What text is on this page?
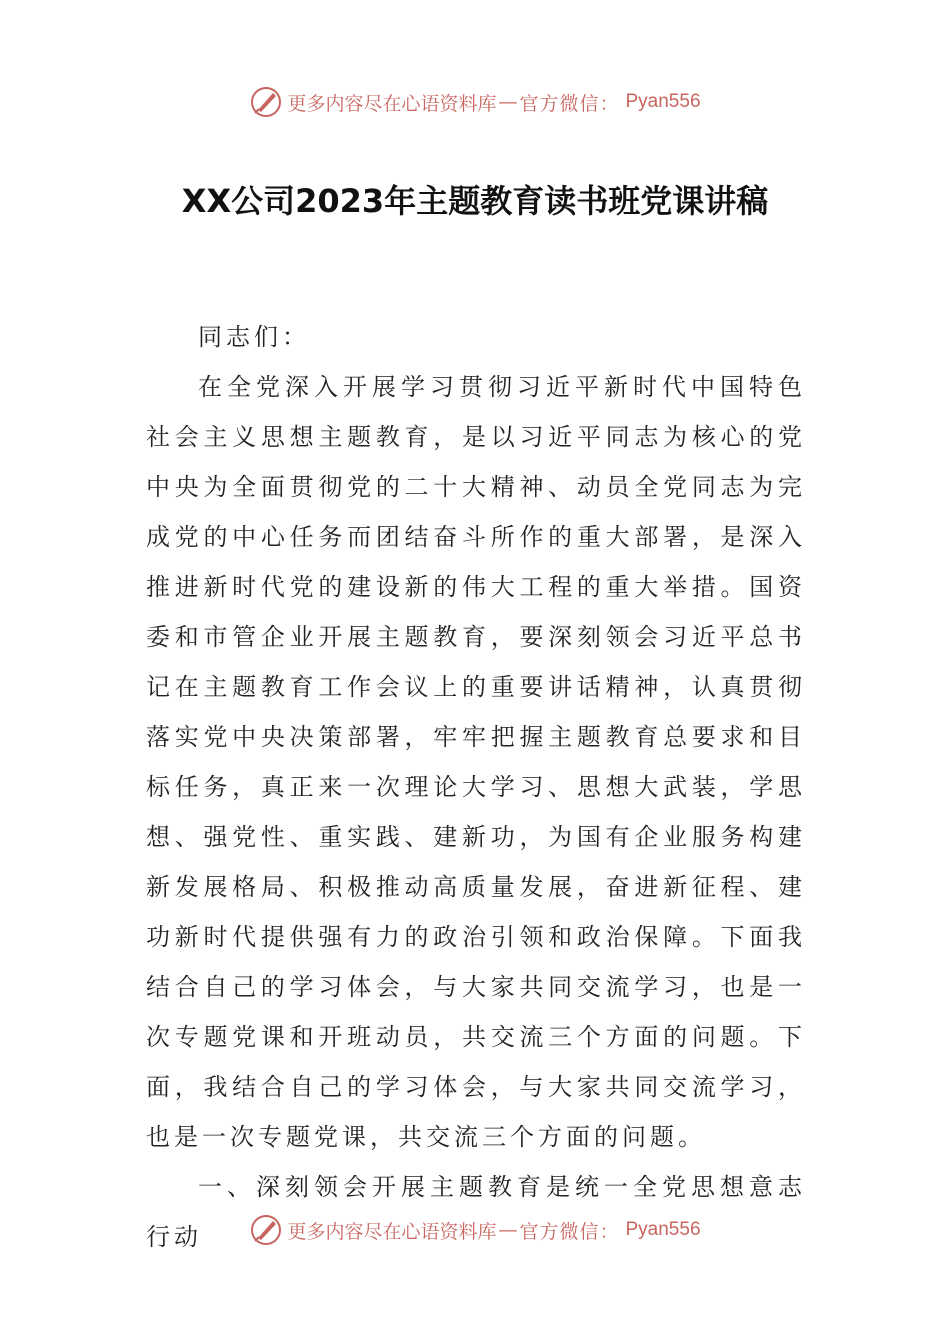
更多内容尽在心语资料库 — 官方微信： Pyan556
XX公司2023年主题教育读书班党课讲稿

同志们：

在全党深入开展学习贯彻习近平新时代中国特色社会主义思想主题教育，是以习近平同志为核心的党中央为全面贯彻党的二十大精神、动员全党同志为完成党的中心任务而团结奋斗所作的重大部署，是深入推进新时代党的建设新的伟大工程的重大举措。国资委和市管企业开展主题教育，要深刻领会习近平总书记在主题教育工作会议上的重要讲话精神，认真贯彻落实党中央决策部署，牢牢把握主题教育总要求和目标任务，真正来一次理论大学习、思想大武装，学思想、强党性、重实践、建新功，为国有企业服务构建新发展格局、积极推动高质量发展，奋进新征程、建功新时代提供强有力的政治引领和政治保障。下面我结合自己的学习体会，与大家共同交流学习，也是一次专题党课和开班动员，共交流三个方面的问题。下面，我结合自己的学习体会，与大家共同交流学习，也是一次专题党课，共交流三个方面的问题。

一、深刻领会开展主题教育是统一全党思想意志行动	更多内容尽在心语资料库 — 官方微信： Pyan556
